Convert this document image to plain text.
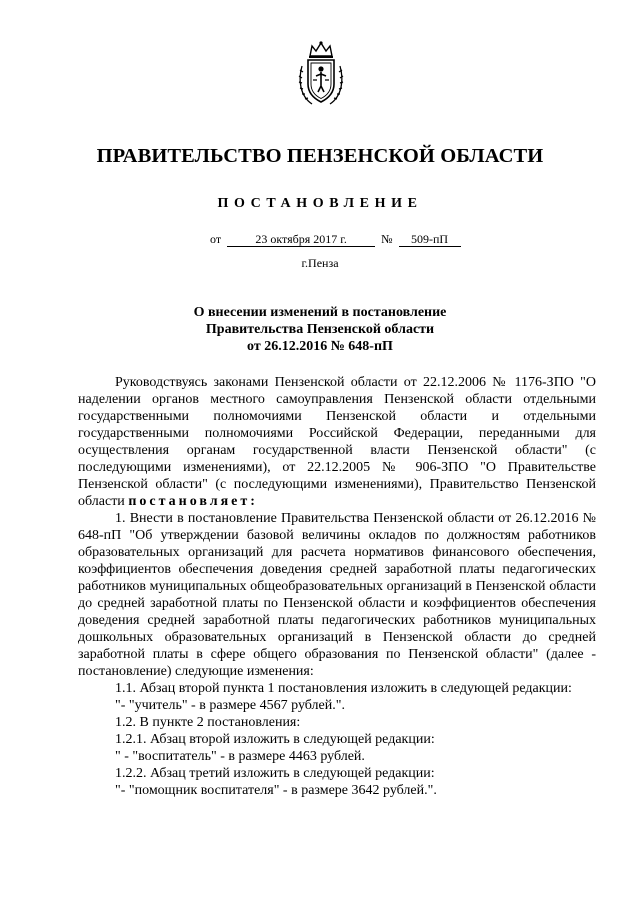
ПРАВИТЕЛЬСТВО ПЕНЗЕНСКОЙ ОБЛАСТИ
ПОСТАНОВЛЕНИЕ
от	23 октября 2017 г.	№ 509-пП
г.Пенза
О внесении изменений в постановление
Правительства Пензенской области
от 26.12.2016 № 648-пП

Руководствуясь законами Пензенской области от 22.12.2006 № 1176-ЗПО "О наделении органов местного самоуправления Пензенской области отдельными государственными полномочиями Пензенской области и отдельными государственными полномочиями Российской Федерации, переданными для осуществления органам государственной власти Пензенской области" (с последующими изменениями), от 22.12.2005 № 906-ЗПО "О Правительстве Пензенской области" (с последующими изменениями), Правительство Пензенской области постановляет:

1. Внести в постановление Правительства Пензенской области от 26.12.2016 № 648-пП "Об утверждении базовой величины окладов по должностям работников образовательных организаций для расчета нормативов финансового обеспечения, коэффициентов обеспечения доведения средней заработной платы педагогических работников муниципальных общеобразовательных организаций в Пензенской области до средней заработной платы по Пензенской области и коэффициентов обеспечения доведения средней заработной платы педагогических работников муниципальных дошкольных образовательных организаций в Пензенской области до средней заработной платы в сфере общего образования по Пензенской области" (далее - постановление) следующие изменения:

1.1. Абзац второй пункта 1 постановления изложить в следующей редакции:

"- "учитель" - в размере 4567 рублей.".

1.2. В пункте 2 постановления:

1.2.1. Абзац второй изложить в следующей редакции:

" - "воспитатель" - в размере 4463 рублей.

1.2.2. Абзац третий изложить в следующей редакции:

"- "помощник воспитателя" - в размере 3642 рублей.".
